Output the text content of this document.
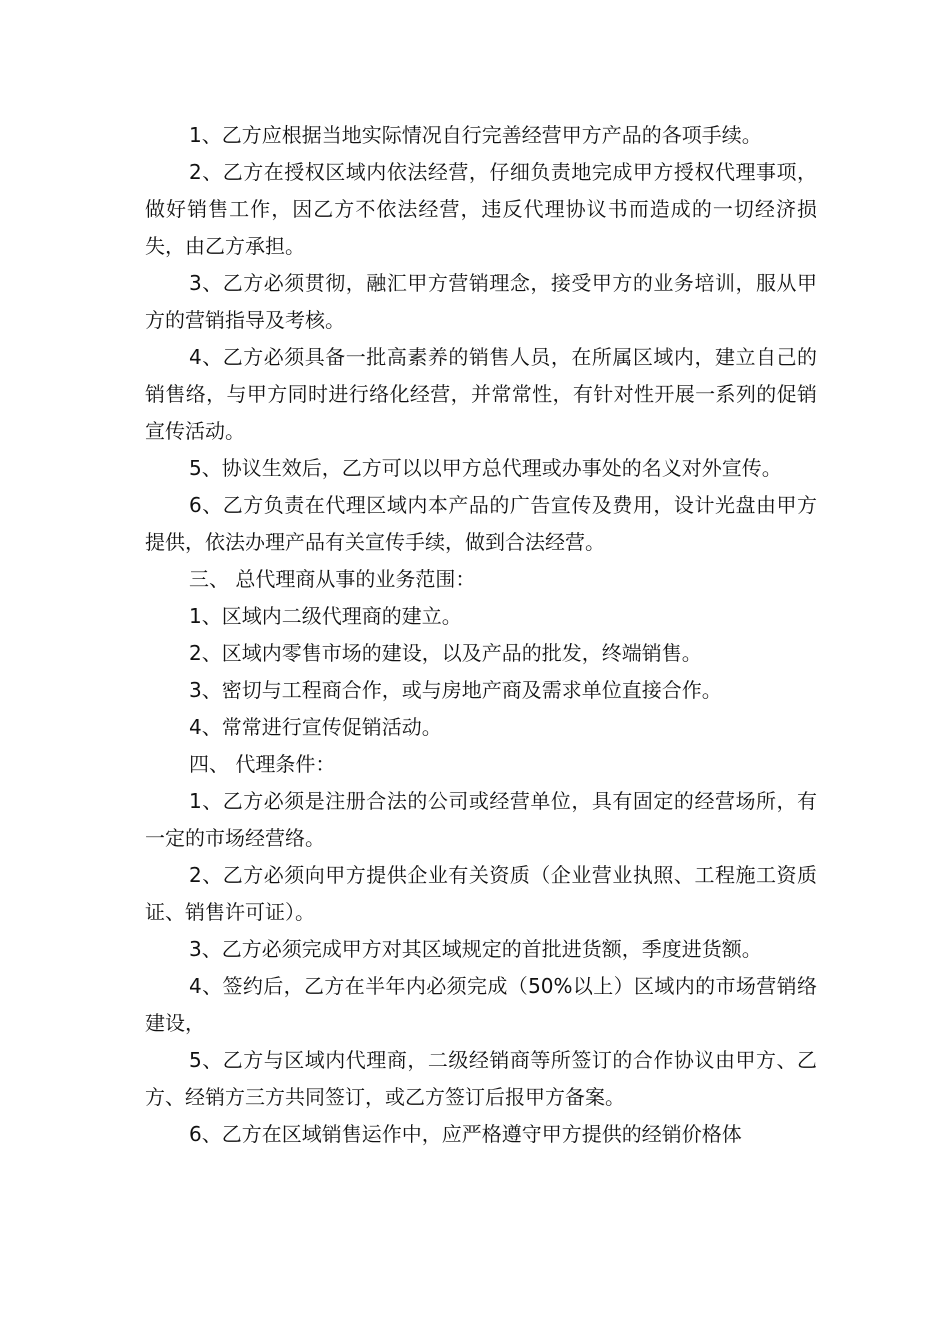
1、乙方应根据当地实际情况自行完善经营甲方产品的各项手续。

2、乙方在授权区域内依法经营，仔细负责地完成甲方授权代理事项，做好销售工作，因乙方不依法经营，违反代理协议书而造成的一切经济损失，由乙方承担。

3、乙方必须贯彻，融汇甲方营销理念，接受甲方的业务培训，服从甲方的营销指导及考核。

4、乙方必须具备一批高素养的销售人员，在所属区域内，建立自己的销售络，与甲方同时进行络化经营，并常常性，有针对性开展一系列的促销宣传活动。

5、协议生效后，乙方可以以甲方总代理或办事处的名义对外宣传。

6、乙方负责在代理区域内本产品的广告宣传及费用，设计光盘由甲方提供，依法办理产品有关宣传手续，做到合法经营。

三、 总代理商从事的业务范围：

1、区域内二级代理商的建立。

2、区域内零售市场的建设，以及产品的批发，终端销售。

3、密切与工程商合作，或与房地产商及需求单位直接合作。

4、常常进行宣传促销活动。

四、 代理条件：

1、乙方必须是注册合法的公司或经营单位，具有固定的经营场所，有一定的市场经营络。

2、乙方必须向甲方提供企业有关资质（企业营业执照、工程施工资质证、销售许可证）。

3、乙方必须完成甲方对其区域规定的首批进货额，季度进货额。

4、签约后，乙方在半年内必须完成（50%以上）区域内的市场营销络建设，

5、乙方与区域内代理商，二级经销商等所签订的合作协议由甲方、乙方、经销方三方共同签订，或乙方签订后报甲方备案。

6、乙方在区域销售运作中，应严格遵守甲方提供的经销价格体
